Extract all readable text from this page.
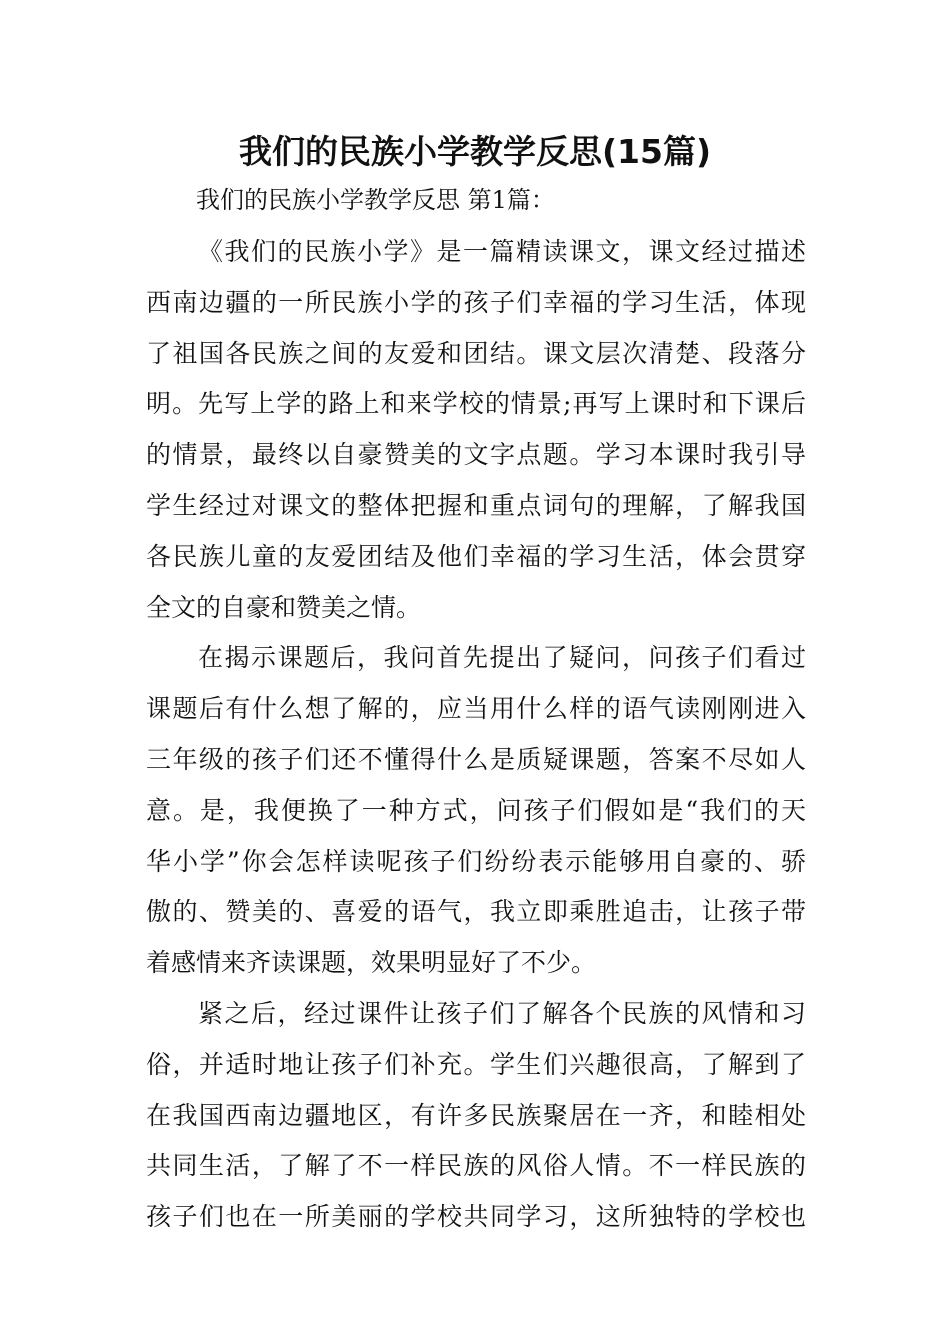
我们的民族小学教学反思(15篇)
我们的民族小学教学反思 第1篇：
《我们的民族小学》是一篇精读课文，课文经过描述
西南边疆的一所民族小学的孩子们幸福的学习生活，体现
了祖国各民族之间的友爱和团结。课文层次清楚、段落分
明。先写上学的路上和来学校的情景;再写上课时和下课后
的情景，最终以自豪赞美的文字点题。学习本课时我引导
学生经过对课文的整体把握和重点词句的理解，了解我国
各民族儿童的友爱团结及他们幸福的学习生活，体会贯穿
全文的自豪和赞美之情。
在揭示课题后，我问首先提出了疑问，问孩子们看过
课题后有什么想了解的，应当用什么样的语气读刚刚进入
三年级的孩子们还不懂得什么是质疑课题，答案不尽如人
意。是，我便换了一种方式，问孩子们假如是“我们的天
华小学”你会怎样读呢孩子们纷纷表示能够用自豪的、骄
傲的、赞美的、喜爱的语气，我立即乘胜追击，让孩子带
着感情来齐读课题，效果明显好了不少。
紧之后，经过课件让孩子们了解各个民族的风情和习
俗，并适时地让孩子们补充。学生们兴趣很高，了解到了
在我国西南边疆地区，有许多民族聚居在一齐，和睦相处
共同生活，了解了不一样民族的风俗人情。不一样民族的
孩子们也在一所美丽的学校共同学习，这所独特的学校也
